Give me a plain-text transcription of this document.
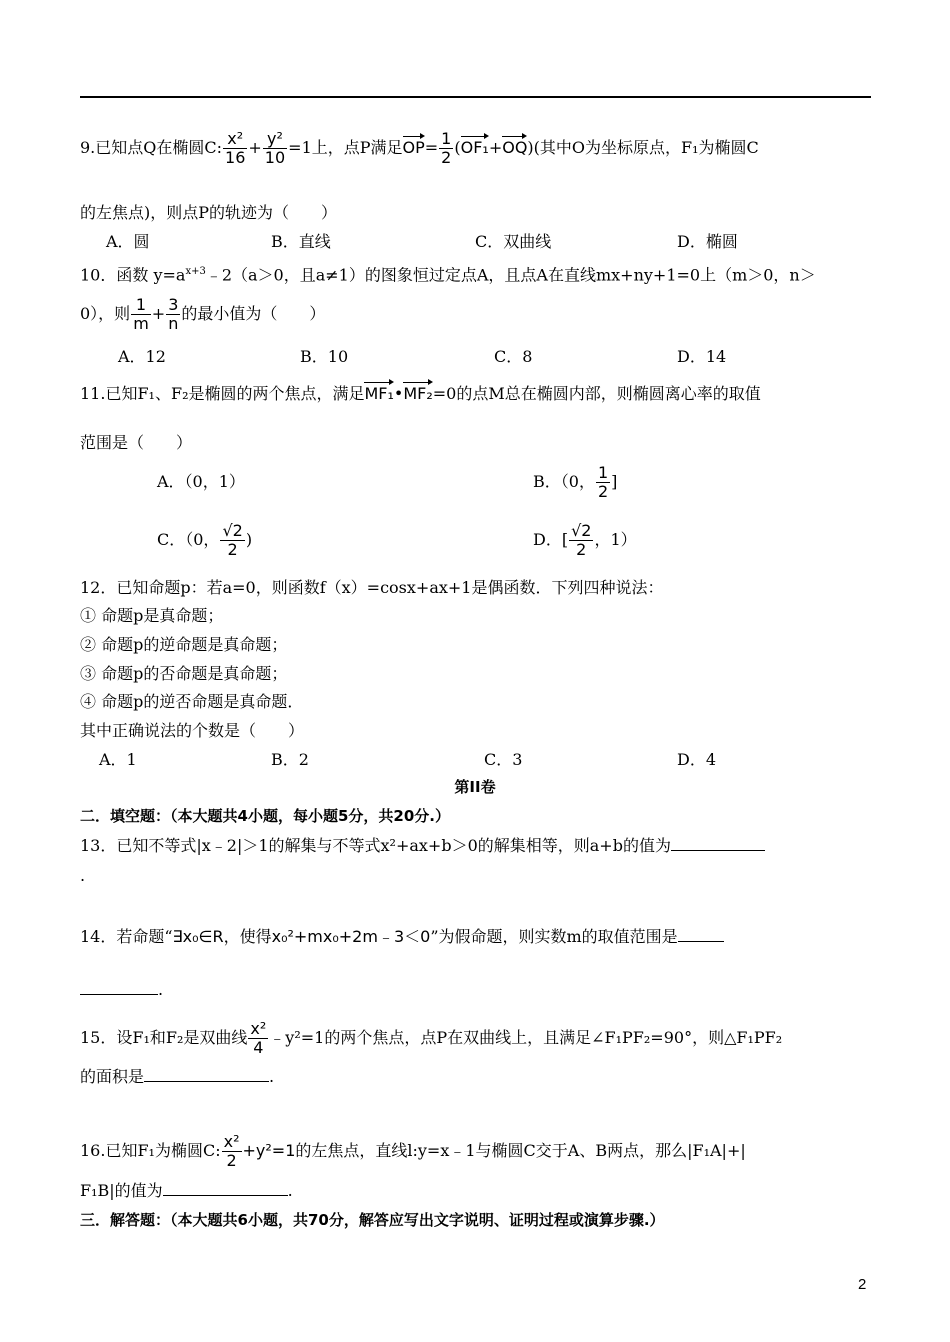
9.已知点Q在椭圆C: $\frac{\text{x²}}{16} + \frac{\text{y²}}{10} =1$上，点P满足$OP= \frac{1}{2} (OF_1+OQ)$(其中O为坐标原点，F₁为椭圆C
的左焦点)，则点P的轨迹为（　　）
A．圆	B．直线	C．双曲线	D．椭圆
10．函数 $y=a^{x+3}﹣2(a>0$，且a≠1）的图象恒过定点A，且点A在直线mx+ny+1=0上（m＞0，n＞
0），则 $\frac{1}{m} + \frac{3}{n}$ 的最小值为（　　）
A．12	B．10	C．8	D．14
11.已知F₁、F₂是椭圆的两个焦点，满足MF₁•MF₂=0的点M总在椭圆内部，则椭圆离心率的取值
范围是（　　）
A．（0，1）	B．（0， $\frac{1}{2}$ ]
C．（0， $\frac{√2}{2}$ )	D．[ $\frac{√2}{2}$ ，1）
12．已知命题p：若a=0，则函数f（x）=cosx+ax+1是偶函数．下列四种说法：
① 命题p是真命题；
② 命题p的逆命题是真命题；
③ 命题p的否命题是真命题；
④ 命题p的逆否命题是真命题．
其中正确说法的个数是（　　）
A．1	B．2	C．3	D．4
第II卷
二．填空题：（本大题共4小题，每小题5分，共20分.）
13．已知不等式|x﹣2|＞1的解集与不等式x²+ax+b＞0的解集相等，则a+b的值为
.
14．若命题“∃x₀∈R，使得x₀²+mx₀+2m﹣3＜0”为假命题，则实数m的取值范围是
.
15．设F₁和F₂是双曲线 $\frac{\text{x²}}{4}$ ﹣y²=1的两个焦点，点P在双曲线上，且满足∠F₁PF₂=90°，则△F₁PF₂
的面积是	.
16.已知F₁为椭圆C: $\frac{\text{x²}}{2} +y^2=1$的左焦点，直线l:y=x﹣1与椭圆C交于A、B两点，那么|F₁A|+|
F₁B|的值为	.
三．解答题：（本大题共6小题，共70分，解答应写出文字说明、证明过程或演算步骤.）
2
